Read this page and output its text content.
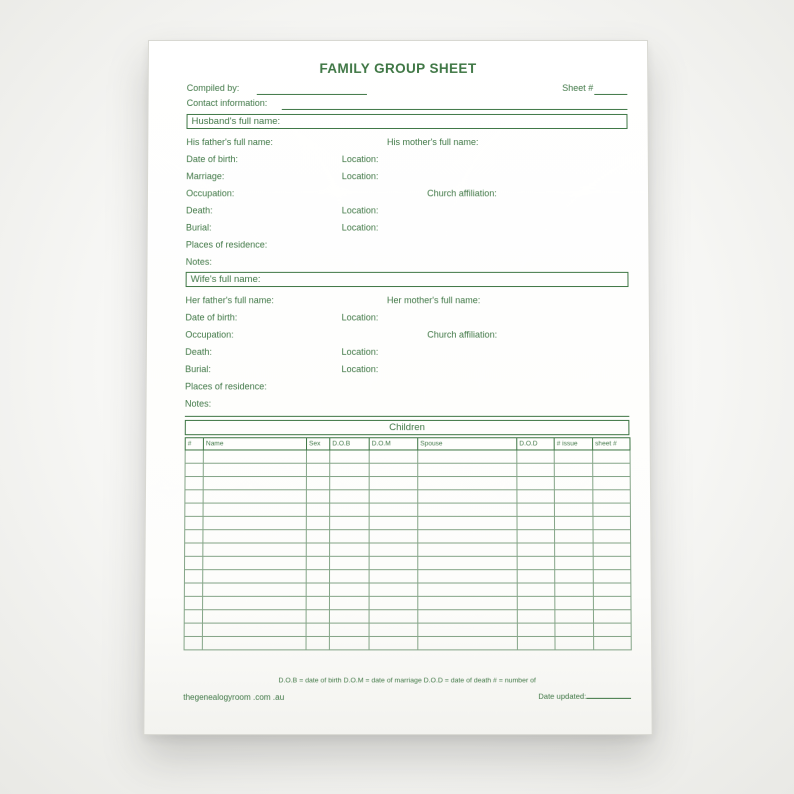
FAMILY GROUP SHEET
Compiled by:	Sheet #
Contact information:
Husband's full name:
His father's full name:	His mother's full name:
Date of birth:	Location:
Marriage:	Location:
Occupation:	Church affiliation:
Death:	Location:
Burial:	Location:
Places of residence:
Notes:
Wife's full name:
Her father's full name:	Her mother's full name:
Date of birth:	Location:
Occupation:	Church affiliation:
Death:	Location:
Burial:	Location:
Places of residence:
Notes:
Children
#	Name	Sex	D.O.B	D.O.M	Spouse	D.O.D	# issue	sheet #

D.O.B = date of birth D.O.M = date of marriage D.O.D = date of death # = number of
thegenealogyroom .com .au	Date updated:
